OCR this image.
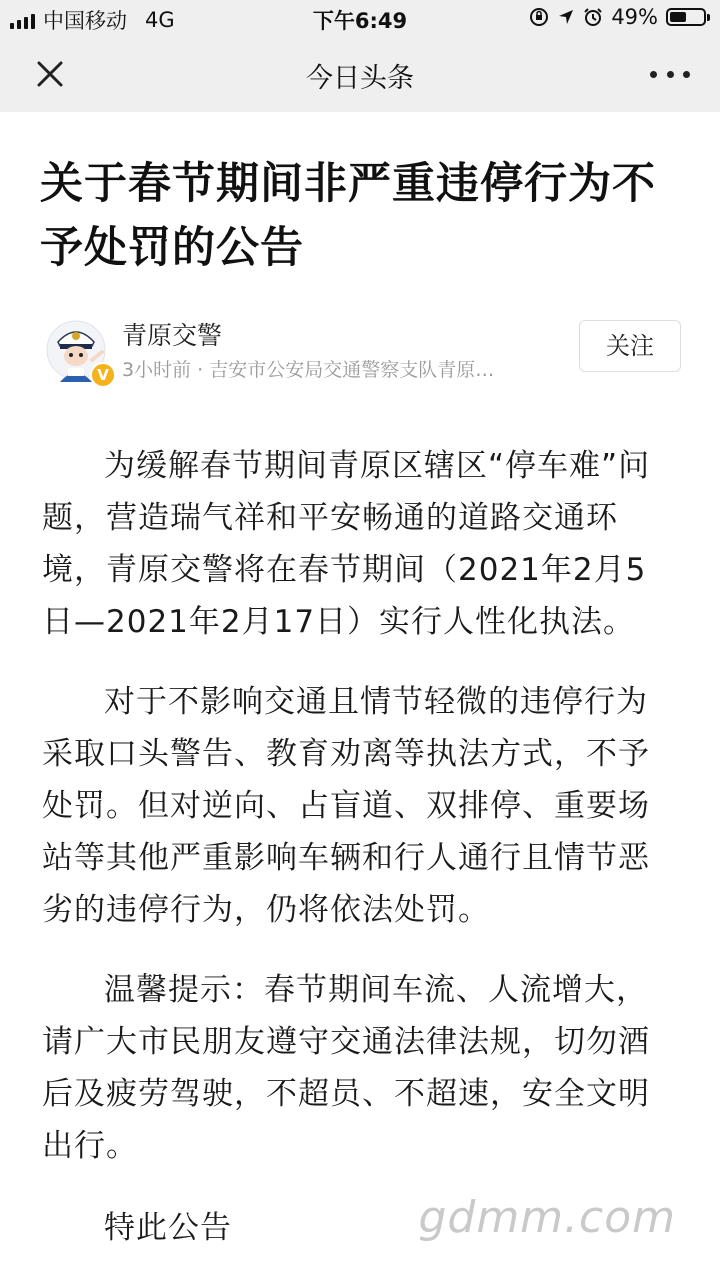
中国移动 4G	下午6:49	49%
今日头条
关于春节期间非严重违停行为不
予处罚的公告
V
青原交警
3小时前 · 吉安市公安局交通警察支队青原…
关注
为缓解春节期间青原区辖区“停车难”问
题，营造瑞气祥和平安畅通的道路交通环
境，青原交警将在春节期间（2021年2月5
日—2021年2月17日）实行人性化执法。
对于不影响交通且情节轻微的违停行为
采取口头警告、教育劝离等执法方式，不予
处罚。但对逆向、占盲道、双排停、重要场
站等其他严重影响车辆和行人通行且情节恶
劣的违停行为，仍将依法处罚。
温馨提示：春节期间车流、人流增大，
请广大市民朋友遵守交通法律法规，切勿酒
后及疲劳驾驶，不超员、不超速，安全文明
出行。
特此公告	gdmm.com
